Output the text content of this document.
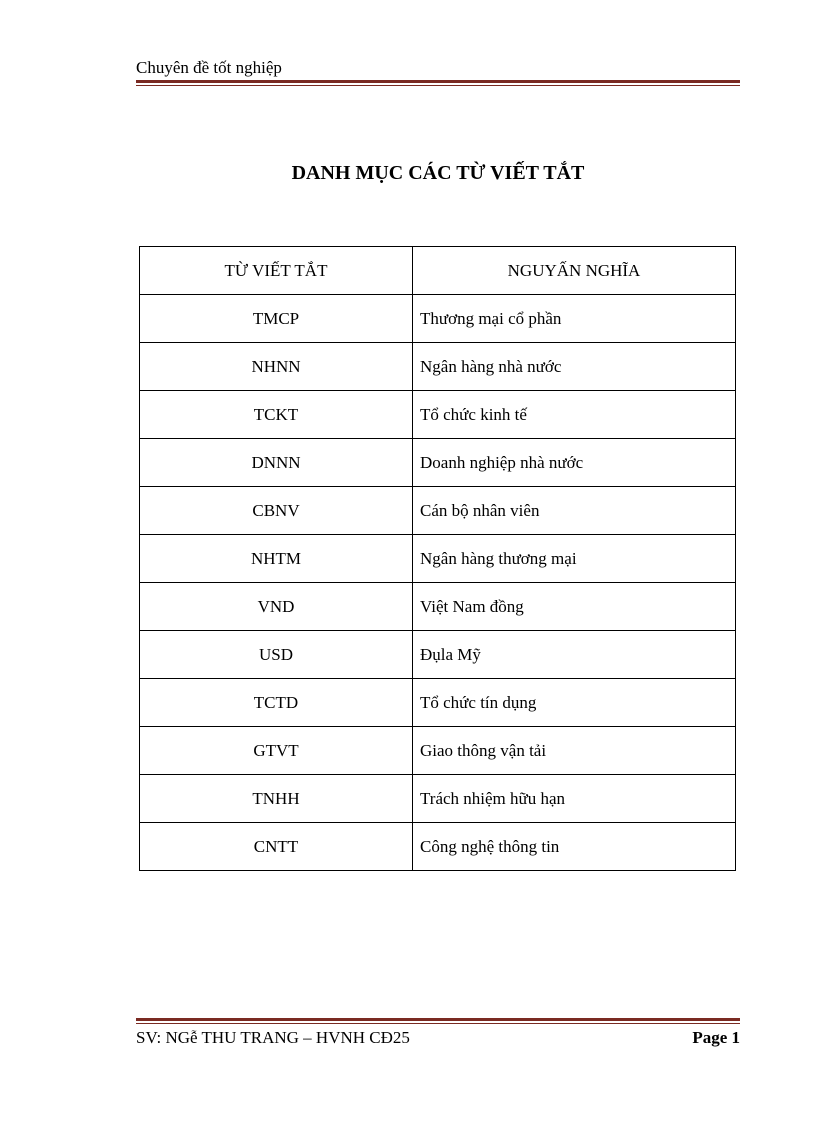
Chuyên đề tốt nghiệp
DANH MỤC CÁC TỪ VIẾT TẮT
TỪ VIẾT TẮT	NGUYẤN NGHĨA
TMCP	Thương mại cổ phần
NHNN	Ngân hàng nhà nước
TCKT	Tổ chức kinh tế
DNNN	Doanh nghiệp nhà nước
CBNV	Cán bộ nhân viên
NHTM	Ngân hàng thương mại
VND	Việt Nam đồng
USD	Đụla Mỹ
TCTD	Tổ chức tín dụng
GTVT	Giao thông vận tải
TNHH	Trách nhiệm hữu hạn
CNTT	Công nghệ thông tin
SV: NGễ THU TRANG – HVNH CĐ25	Page 1
